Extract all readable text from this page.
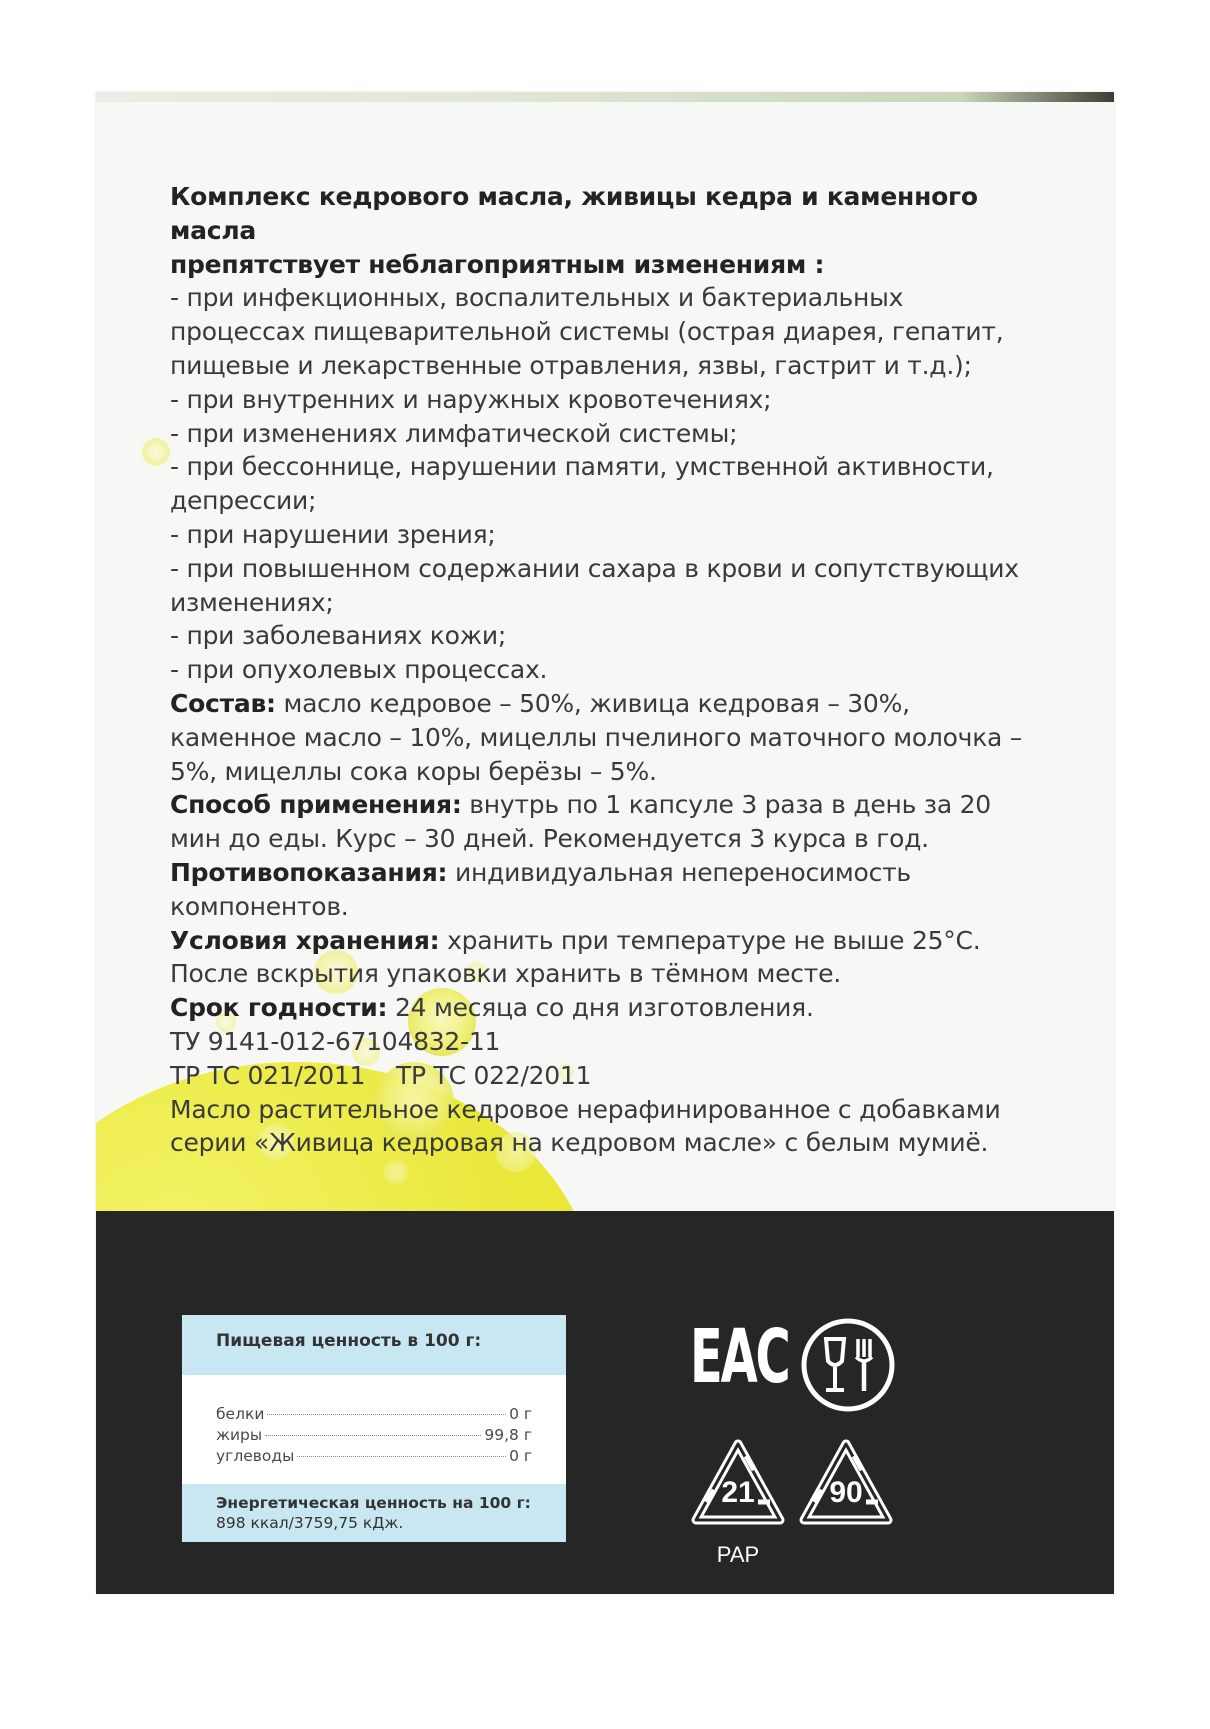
Комплекс кедрового масла, живицы кедра и каменного масла

препятствует неблагоприятным изменениям :

- при инфекционных, воспалительных и бактериальных процессах пищеварительной системы (острая диарея, гепатит, пищевые и лекарственные отравления, язвы, гастрит и т.д.);

- при внутренних и наружных кровотечениях;

- при изменениях лимфатической системы;

- при бессоннице, нарушении памяти, умственной активности, депрессии;

- при нарушении зрения;

- при повышенном содержании сахара в крови и сопутствующих изменениях;

- при заболеваниях кожи;

- при опухолевых процессах.

Состав: масло кедровое – 50%, живица кедровая – 30%, каменное масло – 10%, мицеллы пчелиного маточного молочка – 5%, мицеллы сока коры берёзы – 5%.

Способ применения: внутрь по 1 капсуле 3 раза в день за 20 мин до еды. Курс – 30 дней. Рекомендуется 3 курса в год.

Противопоказания: индивидуальная непереносимость компонентов.

Условия хранения: хранить при температуре не выше 25°С. После вскрытия упаковки хранить в тёмном месте.

Срок годности: 24 месяца со дня изготовления.

ТУ 9141-012-67104832-11

ТР ТС 021/2011    ТР ТС 022/2011

Масло растительное кедровое нерафинированное с добавками серии «Живица кедровая на кедровом масле» с белым мумиё.

Пищевая ценность в 100 г:
белки	0 г
жиры	99,8 г
углеводы	0 г
Энергетическая ценность на 100 г:
898 ккал/3759,75 кДж.
EAC
21
PAP
90
